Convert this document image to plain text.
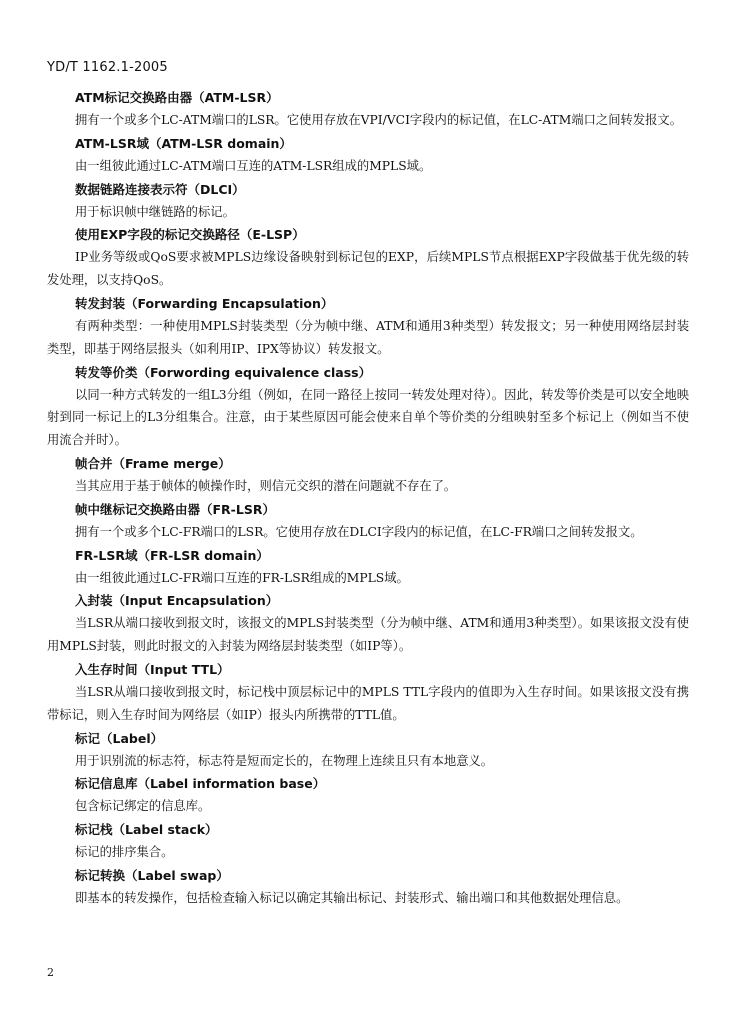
YD/T 1162.1-2005
ATM标记交换路由器（ATM-LSR）
拥有一个或多个LC-ATM端口的LSR。它使用存放在VPI/VCI字段内的标记值，在LC-ATM端口之间转发报文。
ATM-LSR域（ATM-LSR domain）
由一组彼此通过LC-ATM端口互连的ATM-LSR组成的MPLS域。
数据链路连接表示符（DLCI）
用于标识帧中继链路的标记。
使用EXP字段的标记交换路径（E-LSP）
IP业务等级或QoS要求被MPLS边缘设备映射到标记包的EXP，后续MPLS节点根据EXP字段做基于优先级的转发处理，以支持QoS。
转发封装（Forwarding Encapsulation）
有两种类型：一种使用MPLS封装类型（分为帧中继、ATM和通用3种类型）转发报文；另一种使用网络层封装类型，即基于网络层报头（如利用IP、IPX等协议）转发报文。
转发等价类（Forwording equivalence class）
以同一种方式转发的一组L3分组（例如，在同一路径上按同一转发处理对待）。因此，转发等价类是可以安全地映射到同一标记上的L3分组集合。注意，由于某些原因可能会使来自单个等价类的分组映射至多个标记上（例如当不使用流合并时）。
帧合并（Frame merge）
当其应用于基于帧体的帧操作时，则信元交织的潜在问题就不存在了。
帧中继标记交换路由器（FR-LSR）
拥有一个或多个LC-FR端口的LSR。它使用存放在DLCI字段内的标记值，在LC-FR端口之间转发报文。
FR-LSR域（FR-LSR domain）
由一组彼此通过LC-FR端口互连的FR-LSR组成的MPLS域。
入封装（Input Encapsulation）
当LSR从端口接收到报文时，该报文的MPLS封装类型（分为帧中继、ATM和通用3种类型）。如果该报文没有使用MPLS封装，则此时报文的入封装为网络层封装类型（如IP等）。
入生存时间（Input TTL）
当LSR从端口接收到报文时，标记栈中顶层标记中的MPLS TTL字段内的值即为入生存时间。如果该报文没有携带标记，则入生存时间为网络层（如IP）报头内所携带的TTL值。
标记（Label）
用于识别流的标志符，标志符是短而定长的，在物理上连续且只有本地意义。
标记信息库（Label information base）
包含标记绑定的信息库。
标记栈（Label stack）
标记的排序集合。
标记转换（Label swap）
即基本的转发操作，包括检查输入标记以确定其输出标记、封装形式、输出端口和其他数据处理信息。
2
